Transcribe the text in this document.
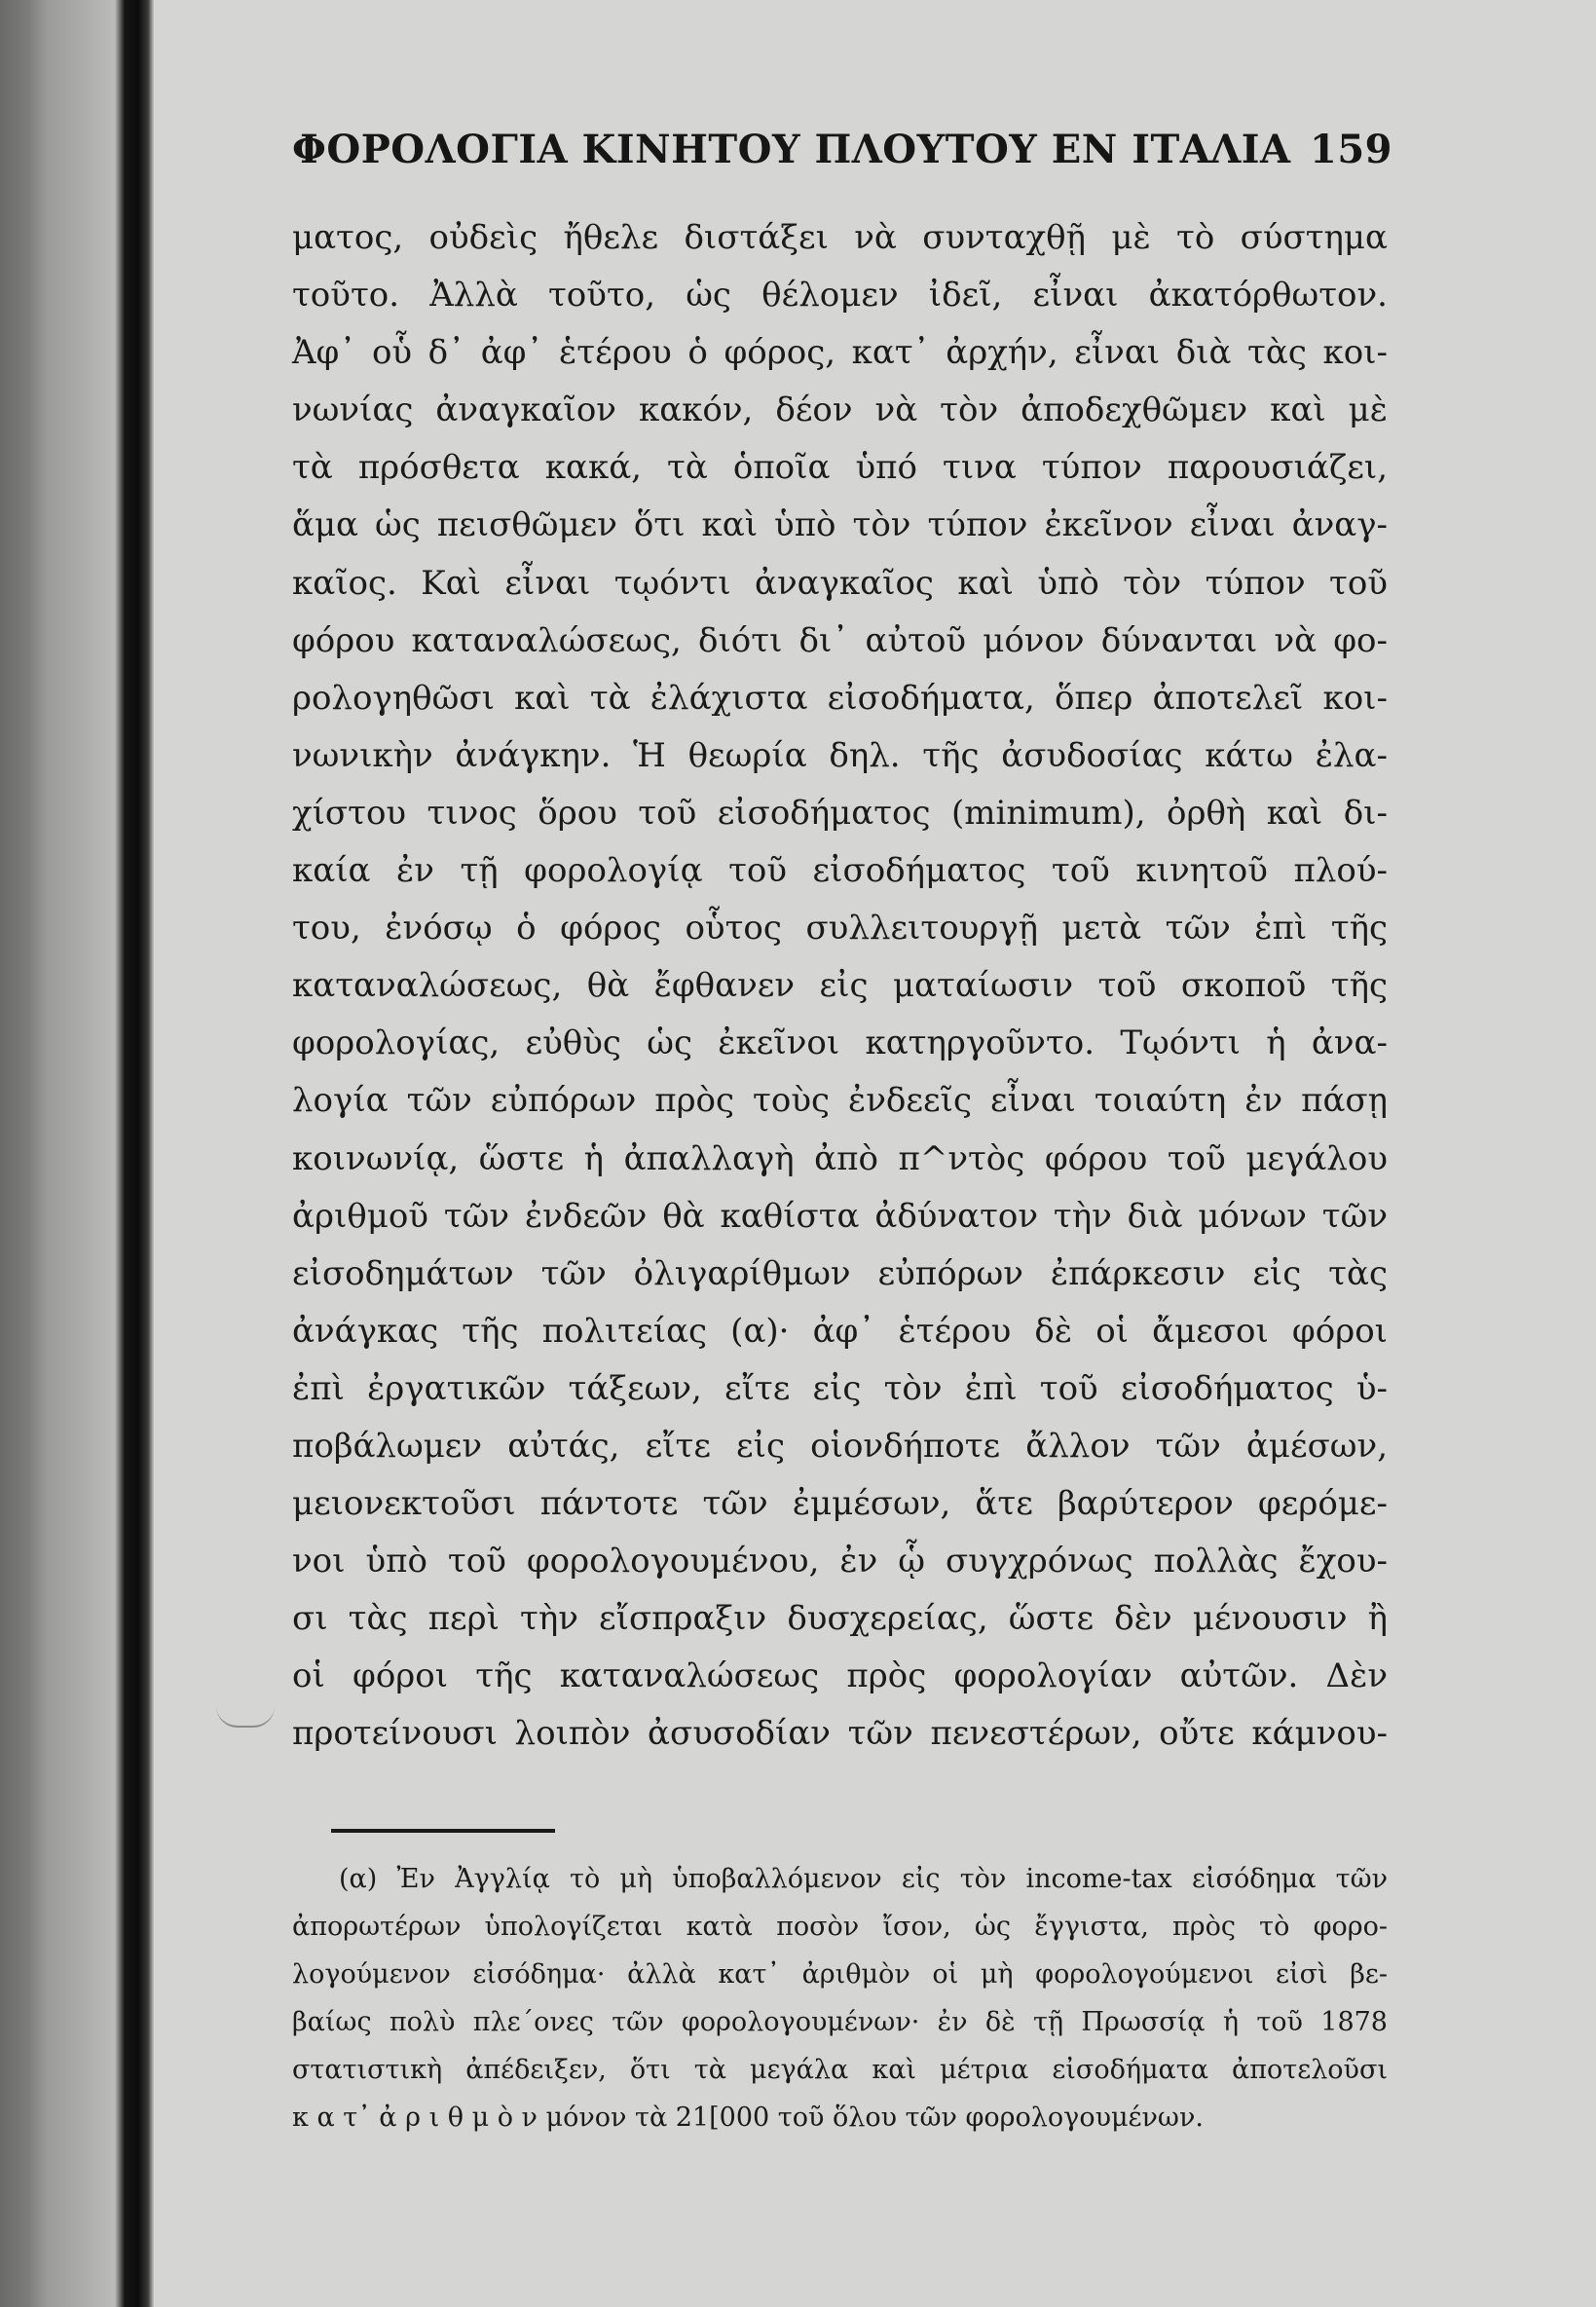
ΦΟΡΟΛΟΓΙΑ ΚΙΝΗΤΟΥ ΠΛΟΥΤΟΥ ΕΝ ΙΤΑΛΙΑ 159
ματος, οὐδεὶς ἤθελε διστάξει νὰ συνταχθῇ μὲ τὸ σύστημα
τοῦτο. Ἀλλὰ τοῦτο, ὡς θέλομεν ἰδεῖ, εἶναι ἀκατόρθωτον.
Ἀφ᾽ οὗ δ᾽ ἀφ᾽ ἑτέρου ὁ φόρος, κατ᾽ ἀρχήν, εἶναι διὰ τὰς κοι-
νωνίας ἀναγκαῖον κακόν, δέον νὰ τὸν ἀποδεχθῶμεν καὶ μὲ
τὰ πρόσθετα κακά, τὰ ὁποῖα ὑπό τινα τύπον παρουσιάζει,
ἅμα ὡς πεισθῶμεν ὅτι καὶ ὑπὸ τὸν τύπον ἐκεῖνον εἶναι ἀναγ-
καῖος. Καὶ εἶναι τῳόντι ἀναγκαῖος καὶ ὑπὸ τὸν τύπον τοῦ
φόρου καταναλώσεως, διότι δι᾽ αὐτοῦ μόνον δύνανται νὰ φο-
ρολογηθῶσι καὶ τὰ ἐλάχιστα εἰσοδήματα, ὅπερ ἀποτελεῖ κοι-
νωνικὴν ἀνάγκην. Ἡ θεωρία δηλ. τῆς ἀσυδοσίας κάτω ἐλα-
χίστου τινος ὅρου τοῦ εἰσοδήματος (minimum), ὀρθὴ καὶ δι-
καία ἐν τῇ φορολογίᾳ τοῦ εἰσοδήματος τοῦ κινητοῦ πλού-
του, ἐνόσῳ ὁ φόρος οὗτος συλλειτουργῇ μετὰ τῶν ἐπὶ τῆς
καταναλώσεως, θὰ ἔφθανεν εἰς ματαίωσιν τοῦ σκοποῦ τῆς
φορολογίας, εὐθὺς ὡς ἐκεῖνοι κατηργοῦντο. Τῳόντι ἡ ἀνα-
λογία τῶν εὐπόρων πρὸς τοὺς ἐνδεεῖς εἶναι τοιαύτη ἐν πάσῃ
κοινωνίᾳ, ὥστε ἡ ἀπαλλαγὴ ἀπὸ π^ντὸς φόρου τοῦ μεγάλου
ἀριθμοῦ τῶν ἐνδεῶν θὰ καθίστα ἀδύνατον τὴν διὰ μόνων τῶν
εἰσοδημάτων τῶν ὀλιγαρίθμων εὐπόρων ἐπάρκεσιν εἰς τὰς
ἀνάγκας τῆς πολιτείας (α)· ἀφ᾽ ἑτέρου δὲ οἱ ἄμεσοι φόροι
ἐπὶ ἐργατικῶν τάξεων, εἴτε εἰς τὸν ἐπὶ τοῦ εἰσοδήματος ὑ-
ποβάλωμεν αὐτάς, εἴτε εἰς οἱονδήποτε ἄλλον τῶν ἀμέσων,
μειονεκτοῦσι πάντοτε τῶν ἐμμέσων, ἅτε βαρύτερον φερόμε-
νοι ὑπὸ τοῦ φορολογουμένου, ἐν ᾧ συγχρόνως πολλὰς ἔχου-
σι τὰς περὶ τὴν εἴσπραξιν δυσχερείας, ὥστε δὲν μένουσιν ἢ
οἱ φόροι τῆς καταναλώσεως πρὸς φορολογίαν αὐτῶν. Δὲν
προτείνουσι λοιπὸν ἀσυσοδίαν τῶν πενεστέρων, οὔτε κάμνου-
(α) Ἐν Ἀγγλίᾳ τὸ μὴ ὑποβαλλόμενον εἰς τὸν income-tax εἰσόδημα τῶν
ἀπορωτέρων ὑπολογίζεται κατὰ ποσὸν ἴσον, ὡς ἔγγιστα, πρὸς τὸ φορο-
λογούμενον εἰσόδημα· ἀλλὰ κατ᾽ ἀριθμὸν οἱ μὴ φορολογούμενοι εἰσὶ βε-
βαίως πολὺ πλε΄ονες τῶν φορολογουμένων· ἐν δὲ τῇ Πρωσσίᾳ ἡ τοῦ 1878
στατιστικὴ ἀπέδειξεν, ὅτι τὰ μεγάλα καὶ μέτρια εἰσοδήματα ἀποτελοῦσι
κ α τ᾽ ἀ ρ ι θ μ ὸ ν μόνον τὰ 21[000 τοῦ ὅλου τῶν φορολογουμένων.
